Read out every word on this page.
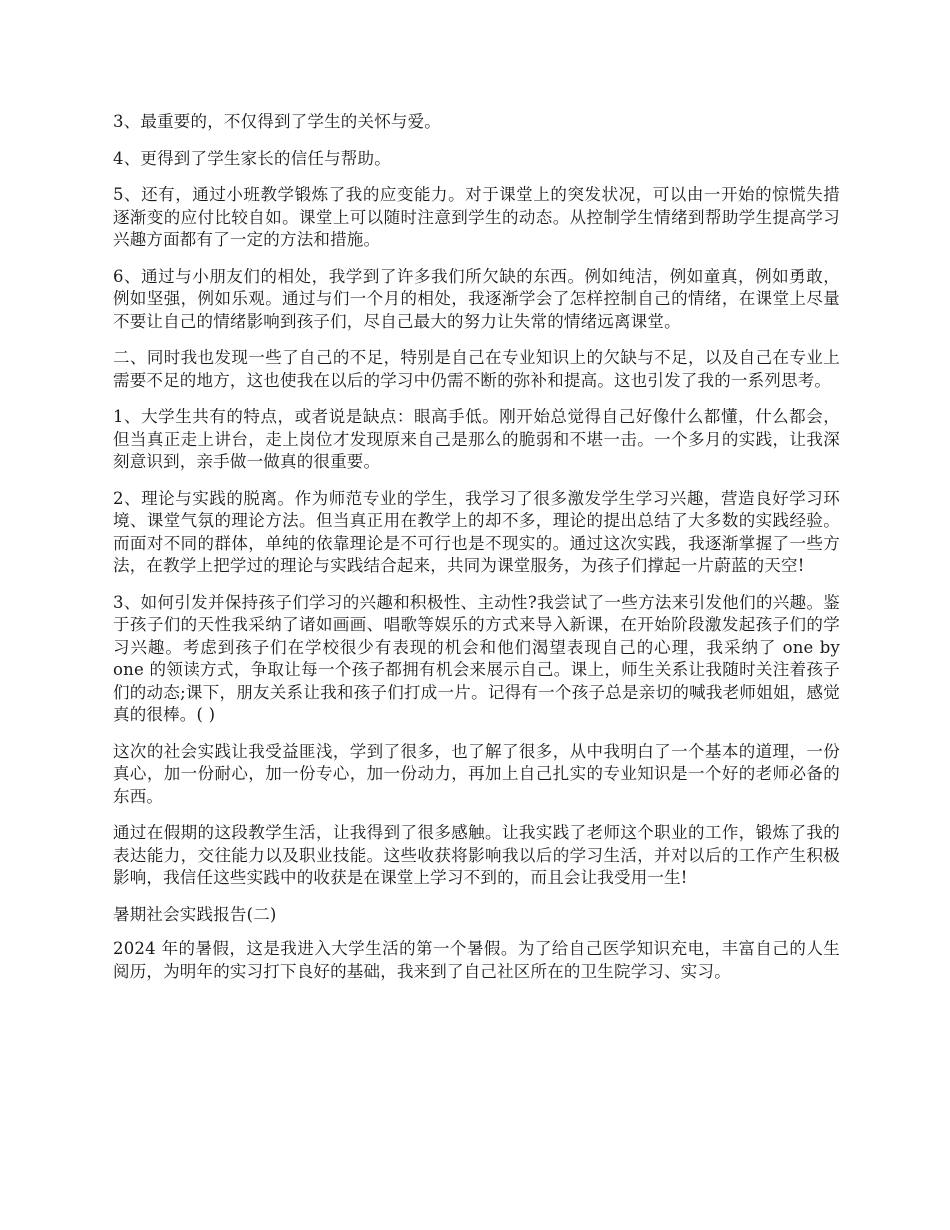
3、最重要的，不仅得到了学生的关怀与爱。

4、更得到了学生家长的信任与帮助。

5、还有，通过小班教学锻炼了我的应变能力。对于课堂上的突发状况，可以由一开始的惊慌失措逐渐变的应付比较自如。课堂上可以随时注意到学生的动态。从控制学生情绪到帮助学生提高学习兴趣方面都有了一定的方法和措施。

6、通过与小朋友们的相处，我学到了许多我们所欠缺的东西。例如纯洁，例如童真，例如勇敢，例如坚强，例如乐观。通过与们一个月的相处，我逐渐学会了怎样控制自己的情绪，在课堂上尽量不要让自己的情绪影响到孩子们，尽自己最大的努力让失常的情绪远离课堂。

二、同时我也发现一些了自己的不足，特别是自己在专业知识上的欠缺与不足，以及自己在专业上需要不足的地方，这也使我在以后的学习中仍需不断的弥补和提高。这也引发了我的一系列思考。

1、大学生共有的特点，或者说是缺点：眼高手低。刚开始总觉得自己好像什么都懂，什么都会，但当真正走上讲台，走上岗位才发现原来自己是那么的脆弱和不堪一击。一个多月的实践，让我深刻意识到，亲手做一做真的很重要。

2、理论与实践的脱离。作为师范专业的学生，我学习了很多激发学生学习兴趣，营造良好学习环境、课堂气氛的理论方法。但当真正用在教学上的却不多，理论的提出总结了大多数的实践经验。而面对不同的群体，单纯的依靠理论是不可行也是不现实的。通过这次实践，我逐渐掌握了一些方法，在教学上把学过的理论与实践结合起来，共同为课堂服务，为孩子们撑起一片蔚蓝的天空!

3、如何引发并保持孩子们学习的兴趣和积极性、主动性?我尝试了一些方法来引发他们的兴趣。鉴于孩子们的天性我采纳了诸如画画、唱歌等娱乐的方式来导入新课，在开始阶段激发起孩子们的学习兴趣。考虑到孩子们在学校很少有表现的机会和他们渴望表现自己的心理，我采纳了 one by one 的领读方式，争取让每一个孩子都拥有机会来展示自己。课上，师生关系让我随时关注着孩子们的动态;课下，朋友关系让我和孩子们打成一片。记得有一个孩子总是亲切的喊我老师姐姐，感觉真的很棒。( )

这次的社会实践让我受益匪浅，学到了很多，也了解了很多，从中我明白了一个基本的道理，一份真心，加一份耐心，加一份专心，加一份动力，再加上自己扎实的专业知识是一个好的老师必备的东西。

通过在假期的这段教学生活，让我得到了很多感触。让我实践了老师这个职业的工作，锻炼了我的表达能力，交往能力以及职业技能。这些收获将影响我以后的学习生活，并对以后的工作产生积极影响，我信任这些实践中的收获是在课堂上学习不到的，而且会让我受用一生!

暑期社会实践报告(二)

2024 年的暑假，这是我进入大学生活的第一个暑假。为了给自己医学知识充电，丰富自己的人生阅历，为明年的实习打下良好的基础，我来到了自己社区所在的卫生院学习、实习。
